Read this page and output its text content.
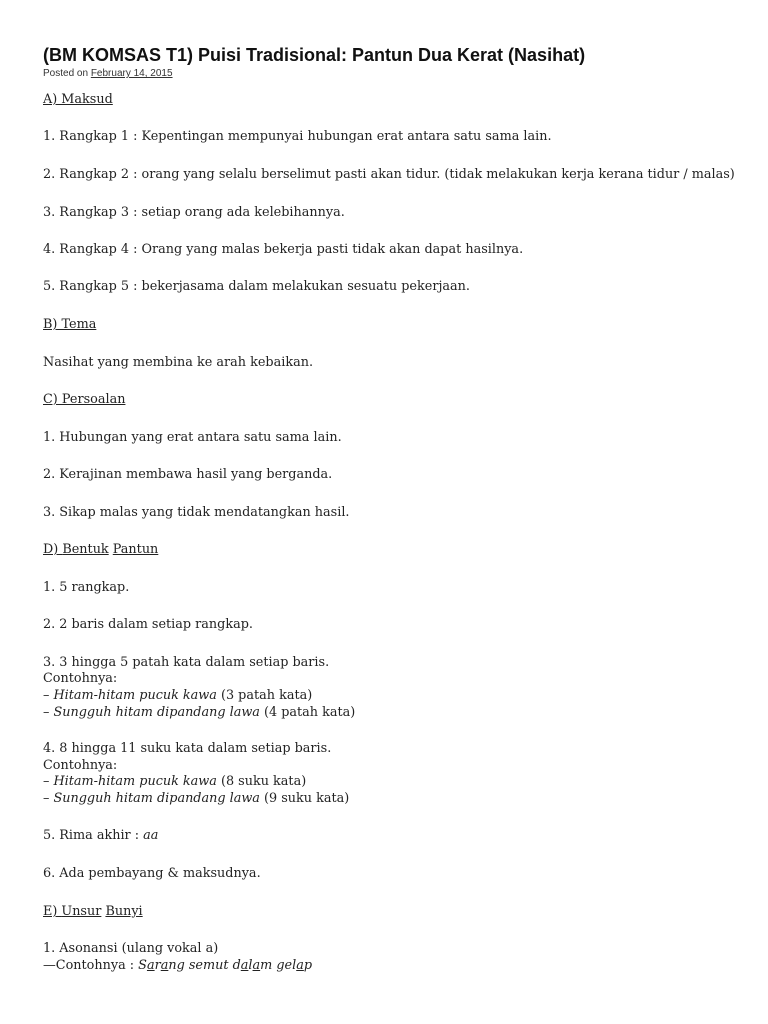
(BM KOMSAS T1) Puisi Tradisional: Pantun Dua Kerat (Nasihat)
Posted on February 14, 2015

A) Maksud

1. Rangkap 1 : Kepentingan mempunyai hubungan erat antara satu sama lain.

2. Rangkap 2 : orang yang selalu berselimut pasti akan tidur. (tidak melakukan kerja kerana tidur / malas)

3. Rangkap 3 : setiap orang ada kelebihannya.

4. Rangkap 4 : Orang yang malas bekerja pasti tidak akan dapat hasilnya.

5. Rangkap 5 : bekerjasama dalam melakukan sesuatu pekerjaan.

B) Tema

Nasihat yang membina ke arah kebaikan.

C) Persoalan

1. Hubungan yang erat antara satu sama lain.

2. Kerajinan membawa hasil yang berganda.

3. Sikap malas yang tidak mendatangkan hasil.

D) Bentuk Pantun

1. 5 rangkap.

2. 2 baris dalam setiap rangkap.

3. 3 hingga 5 patah kata dalam setiap baris.

Contohnya:

– Hitam-hitam pucuk kawa (3 patah kata)

– Sungguh hitam dipandang lawa (4 patah kata)

4. 8 hingga 11 suku kata dalam setiap baris.

Contohnya:

– Hitam-hitam pucuk kawa (8 suku kata)

– Sungguh hitam dipandang lawa (9 suku kata)

5. Rima akhir : aa

6. Ada pembayang & maksudnya.

E) Unsur Bunyi

1. Asonansi (ulang vokal a)

—Contohnya : Sarang semut dalam gelap
